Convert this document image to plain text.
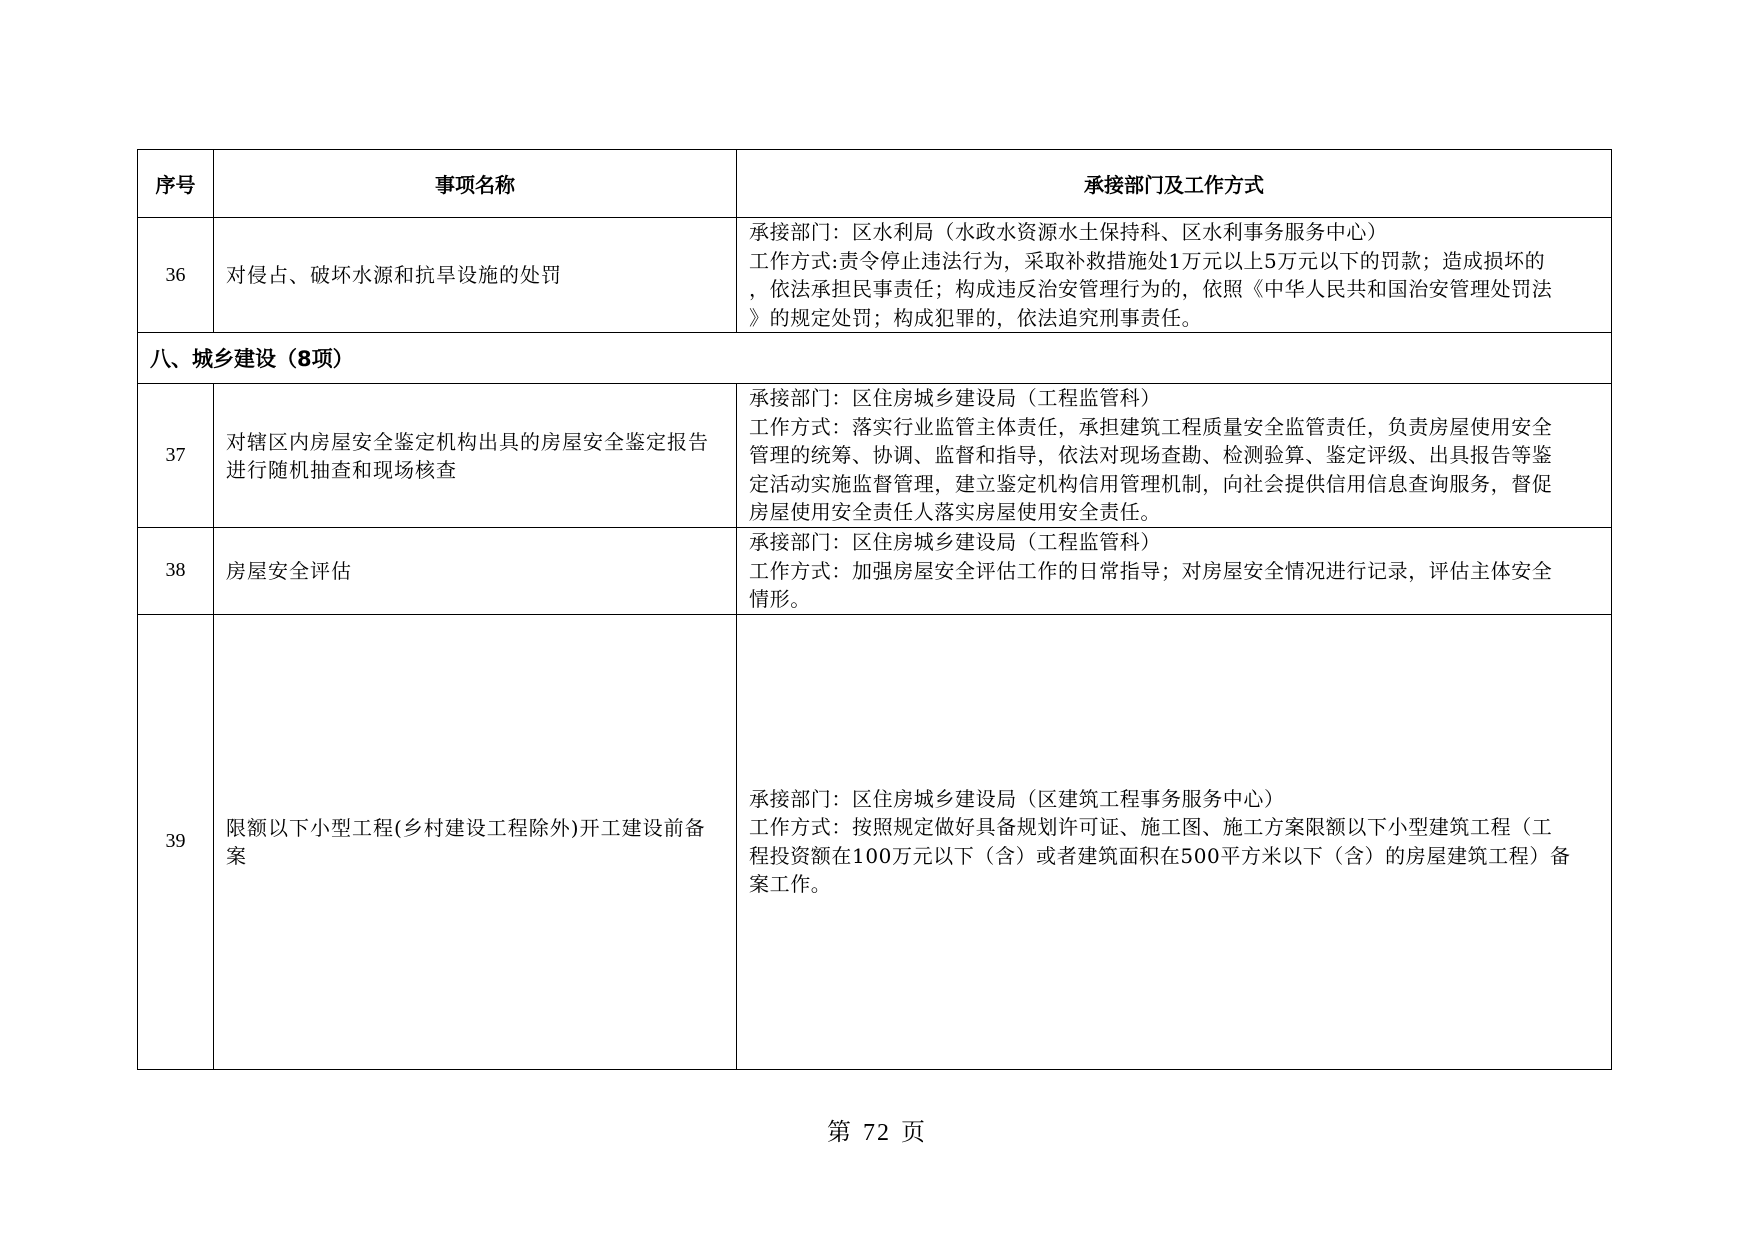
序号	事项名称	承接部门及工作方式
36	对侵占、破坏水源和抗旱设施的处罚	承接部门：区水利局（水政水资源水土保持科、区水利事务服务中心）
工作方式:责令停止违法行为，采取补救措施处1万元以上5万元以下的罚款；造成损坏的
，依法承担民事责任；构成违反治安管理行为的，依照《中华人民共和国治安管理处罚法
》的规定处罚；构成犯罪的，依法追究刑事责任。

八、城乡建设（8项）		
37	对辖区内房屋安全鉴定机构出具的房屋安全鉴定报告进行随机抽查和现场核查	承接部门：区住房城乡建设局（工程监管科）
工作方式：落实行业监管主体责任，承担建筑工程质量安全监管责任，负责房屋使用安全
管理的统筹、协调、监督和指导，依法对现场查勘、检测验算、鉴定评级、出具报告等鉴
定活动实施监督管理，建立鉴定机构信用管理机制，向社会提供信用信息查询服务，督促
房屋使用安全责任人落实房屋使用安全责任。

38	房屋安全评估	承接部门：区住房城乡建设局（工程监管科）
工作方式：加强房屋安全评估工作的日常指导；对房屋安全情况进行记录，评估主体安全
情形。

39	限额以下小型工程(乡村建设工程除外)开工建设前备案	承接部门：区住房城乡建设局（区建筑工程事务服务中心）
工作方式：按照规定做好具备规划许可证、施工图、施工方案限额以下小型建筑工程（工
程投资额在100万元以下（含）或者建筑面积在500平方米以下（含）的房屋建筑工程）备
案工作。
第 72 页
